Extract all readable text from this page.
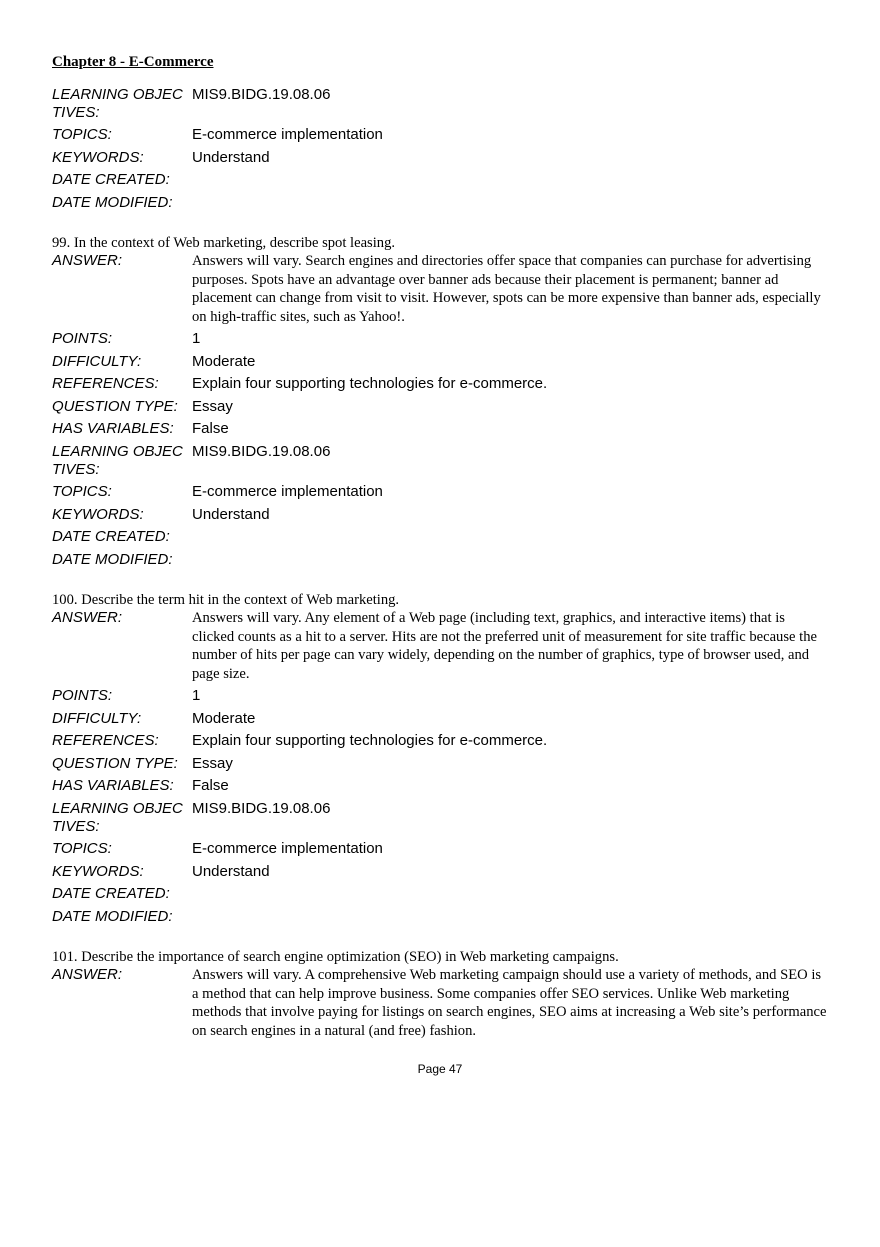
Chapter 8 - E-Commerce
LEARNING OBJECTIVES:
MIS9.BIDG.19.08.06
TOPICS:	E-commerce implementation
KEYWORDS:	Understand
DATE CREATED:
DATE MODIFIED:
99. In the context of Web marketing, describe spot leasing.
ANSWER:	Answers will vary. Search engines and directories offer space that companies can purchase for advertising purposes. Spots have an advantage over banner ads because their placement is permanent; banner ad placement can change from visit to visit. However, spots can be more expensive than banner ads, especially on high-traffic sites, such as Yahoo!.
POINTS:	1
DIFFICULTY:	Moderate
REFERENCES:	Explain four supporting technologies for e-commerce.
QUESTION TYPE: Essay
HAS VARIABLES:	False
LEARNING OBJECTIVES:
MIS9.BIDG.19.08.06
TOPICS:	E-commerce implementation
KEYWORDS:	Understand
DATE CREATED:
DATE MODIFIED:
100. Describe the term hit in the context of Web marketing.
ANSWER:	Answers will vary. Any element of a Web page (including text, graphics, and interactive items) that is clicked counts as a hit to a server. Hits are not the preferred unit of measurement for site traffic because the number of hits per page can vary widely, depending on the number of graphics, type of browser used, and page size.
POINTS:	1
DIFFICULTY:	Moderate
REFERENCES:	Explain four supporting technologies for e-commerce.
QUESTION TYPE: Essay
HAS VARIABLES:	False
LEARNING OBJECTIVES:
MIS9.BIDG.19.08.06
TOPICS:	E-commerce implementation
KEYWORDS:	Understand
DATE CREATED:
DATE MODIFIED:
101. Describe the importance of search engine optimization (SEO) in Web marketing campaigns.
ANSWER:	Answers will vary. A comprehensive Web marketing campaign should use a variety of methods, and SEO is a method that can help improve business. Some companies offer SEO services. Unlike Web marketing methods that involve paying for listings on search engines, SEO aims at increasing a Web site’s performance on search engines in a natural (and free) fashion.
Page 47
